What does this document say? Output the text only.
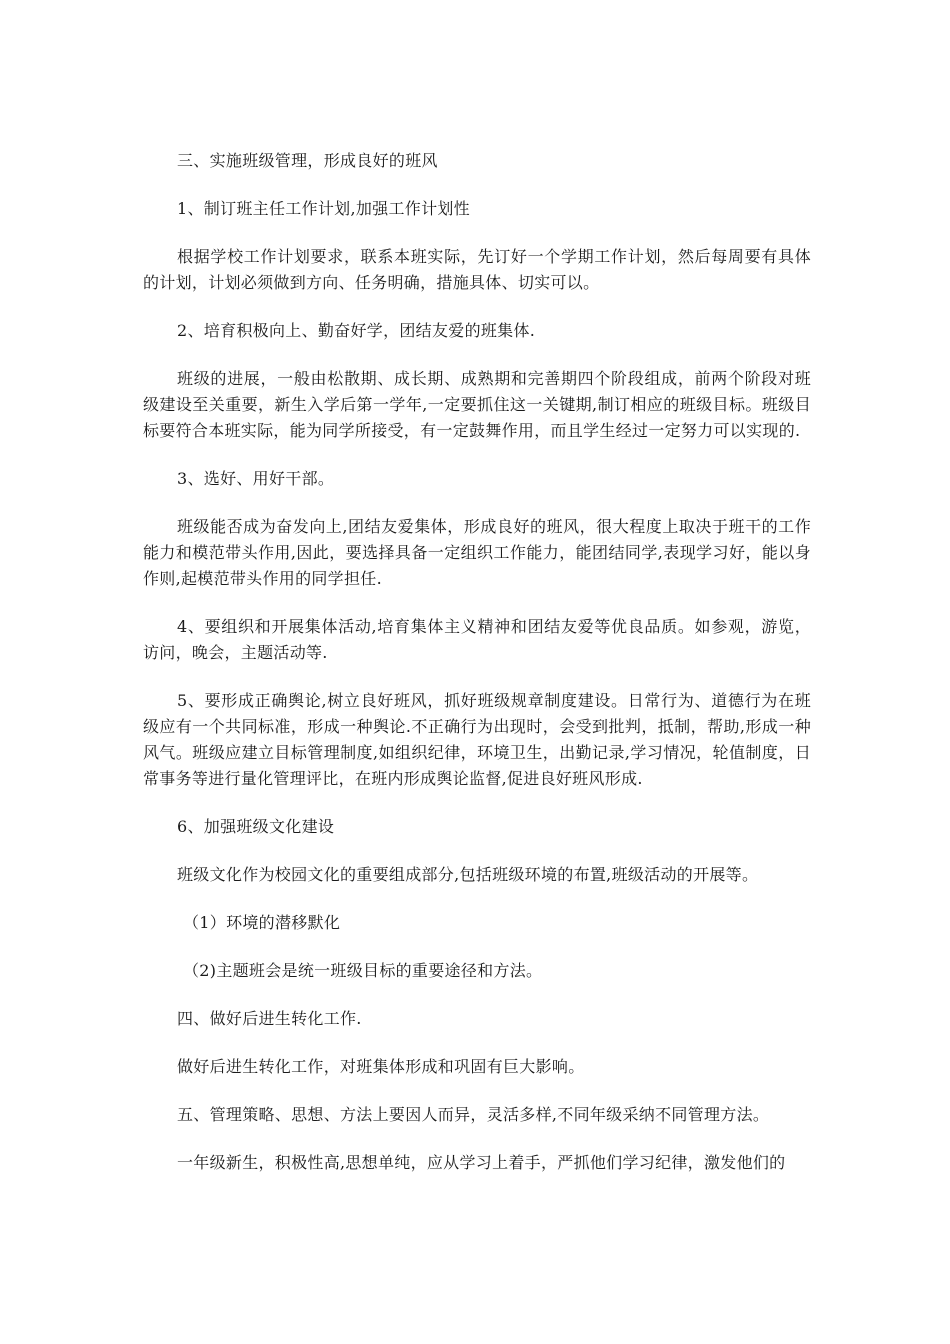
三、实施班级管理，形成良好的班风

1、制订班主任工作计划,加强工作计划性

根据学校工作计划要求，联系本班实际，先订好一个学期工作计划，然后每周要有具体的计划，计划必须做到方向、任务明确，措施具体、切实可以。

2、培育积极向上、勤奋好学，团结友爱的班集体.

班级的进展，一般由松散期、成长期、成熟期和完善期四个阶段组成，前两个阶段对班级建设至关重要，新生入学后第一学年,一定要抓住这一关键期,制订相应的班级目标。班级目标要符合本班实际，能为同学所接受，有一定鼓舞作用，而且学生经过一定努力可以实现的.

3、选好、用好干部。

班级能否成为奋发向上,团结友爱集体，形成良好的班风，很大程度上取决于班干的工作能力和模范带头作用,因此，要选择具备一定组织工作能力，能团结同学,表现学习好，能以身作则,起模范带头作用的同学担任.

4、要组织和开展集体活动,培育集体主义精神和团结友爱等优良品质。如参观，游览，访问，晚会，主题活动等.

5、要形成正确舆论,树立良好班风，抓好班级规章制度建设。日常行为、道德行为在班级应有一个共同标准，形成一种舆论.不正确行为出现时，会受到批判，抵制，帮助,形成一种风气。班级应建立目标管理制度,如组织纪律，环境卫生，出勤记录,学习情况，轮值制度，日常事务等进行量化管理评比，在班内形成舆论监督,促进良好班风形成.

6、加强班级文化建设

班级文化作为校园文化的重要组成部分,包括班级环境的布置,班级活动的开展等。

（1）环境的潜移默化

（2)主题班会是统一班级目标的重要途径和方法。

四、做好后进生转化工作.

做好后进生转化工作，对班集体形成和巩固有巨大影响。

五、管理策略、思想、方法上要因人而异，灵活多样,不同年级采纳不同管理方法。

一年级新生，积极性高,思想单纯，应从学习上着手，严抓他们学习纪律，激发他们的
